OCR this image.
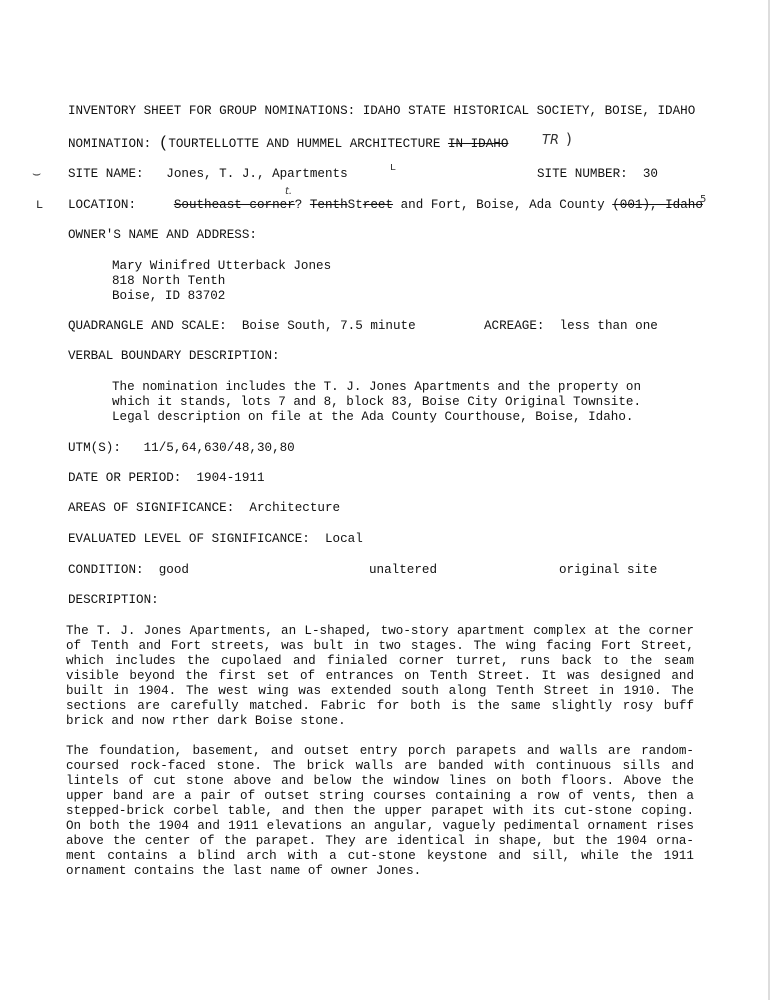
INVENTORY SHEET FOR GROUP NOMINATIONS: IDAHO STATE HISTORICAL SOCIETY, BOISE, IDAHO
NOMINATION: (TOURTELLOTTE AND HUMMEL ARCHITECTURE IN IDAHO	TR )
⌣ SITE NAME: Jones, T. J., Apartments
ʟ
SITE NUMBER: 30
ʟ
t.
LOCATION:	Southeast corner? TenthStreet and Fort, Boise, Ada County (001), Idaho
5
OWNER'S NAME AND ADDRESS:
Mary Winifred Utterback Jones
818 North Tenth
Boise, ID 83702
QUADRANGLE AND SCALE: Boise South, 7.5 minute	ACREAGE: less than one
VERBAL BOUNDARY DESCRIPTION:
The nomination includes the T. J. Jones Apartments and the property on
which it stands, lots 7 and 8, block 83, Boise City Original Townsite.
Legal description on file at the Ada County Courthouse, Boise, Idaho.
UTM(S): 11/5,64,630/48,30,80
DATE OR PERIOD: 1904-1911
AREAS OF SIGNIFICANCE: Architecture
EVALUATED LEVEL OF SIGNIFICANCE: Local
CONDITION: good	unaltered	original site
DESCRIPTION:
The T. J. Jones Apartments, an L-shaped, two-story apartment complex at the corner
of Tenth and Fort streets, was bult in two stages. The wing facing Fort Street,
which includes the cupolaed and finialed corner turret, runs back to the seam
visible beyond the first set of entrances on Tenth Street. It was designed and
built in 1904. The west wing was extended south along Tenth Street in 1910. The
sections are carefully matched. Fabric for both is the same slightly rosy buff
brick and now rther dark Boise stone.
The foundation, basement, and outset entry porch parapets and walls are random-
coursed rock-faced stone. The brick walls are banded with continuous sills and
lintels of cut stone above and below the window lines on both floors. Above the
upper band are a pair of outset string courses containing a row of vents, then a
stepped-brick corbel table, and then the upper parapet with its cut-stone coping.
On both the 1904 and 1911 elevations an angular, vaguely pedimental ornament rises
above the center of the parapet. They are identical in shape, but the 1904 orna-
ment contains a blind arch with a cut-stone keystone and sill, while the 1911
ornament contains the last name of owner Jones.
